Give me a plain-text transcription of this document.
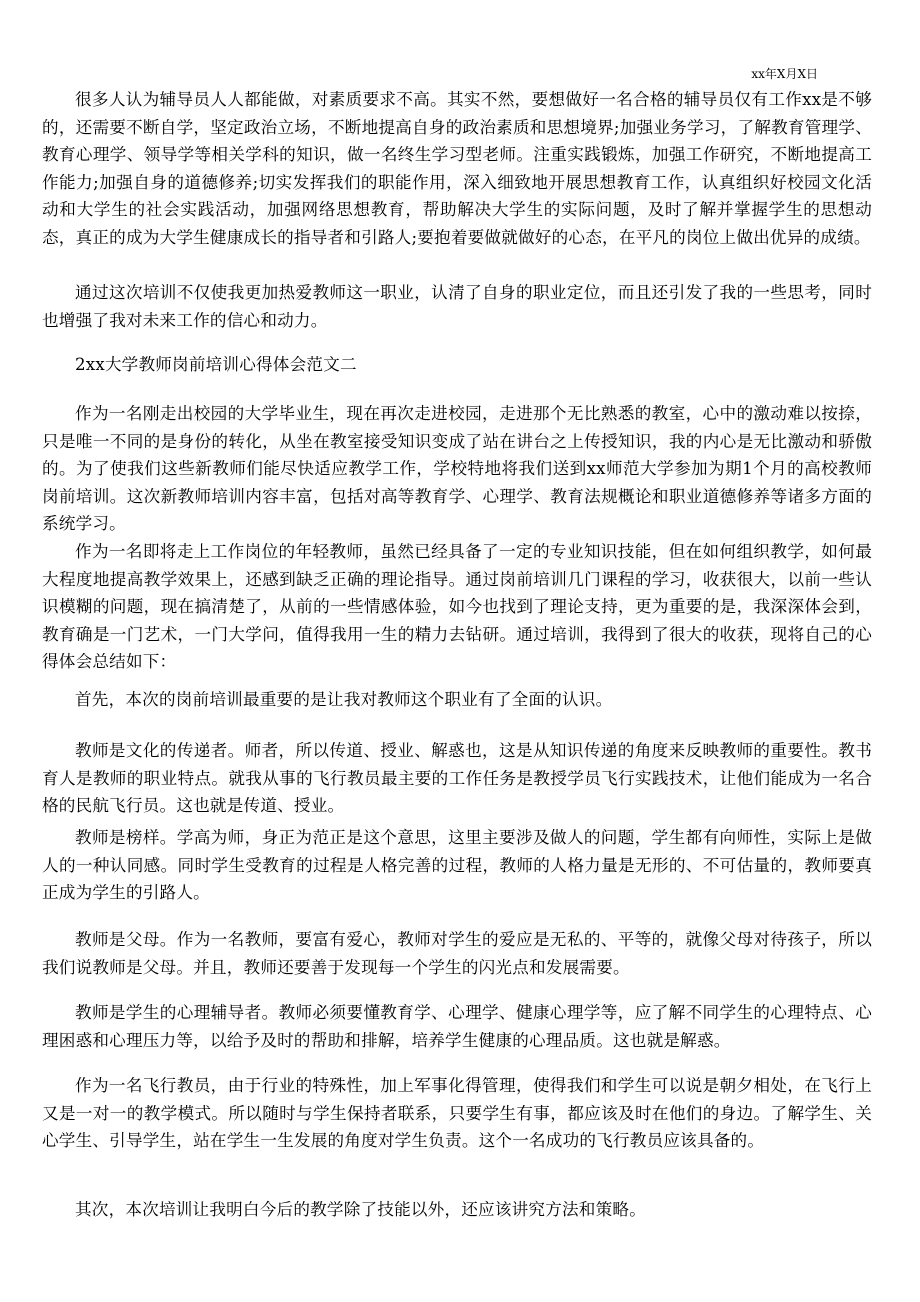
xx年X月X日

很多人认为辅导员人人都能做，对素质要求不高。其实不然，要想做好一名合格的辅导员仅有工作xx是不够的，还需要不断自学，坚定政治立场，不断地提高自身的政治素质和思想境界;加强业务学习，了解教育管理学、教育心理学、领导学等相关学科的知识，做一名终生学习型老师。注重实践锻炼，加强工作研究，不断地提高工作能力;加强自身的道德修养;切实发挥我们的职能作用，深入细致地开展思想教育工作，认真组织好校园文化活动和大学生的社会实践活动，加强网络思想教育，帮助解决大学生的实际问题，及时了解并掌握学生的思想动态，真正的成为大学生健康成长的指导者和引路人;要抱着要做就做好的心态，在平凡的岗位上做出优异的成绩。

通过这次培训不仅使我更加热爱教师这一职业，认清了自身的职业定位，而且还引发了我的一些思考，同时也增强了我对未来工作的信心和动力。

2xx大学教师岗前培训心得体会范文二

作为一名刚走出校园的大学毕业生，现在再次走进校园，走进那个无比熟悉的教室，心中的激动难以按捺，只是唯一不同的是身份的转化，从坐在教室接受知识变成了站在讲台之上传授知识，我的内心是无比激动和骄傲的。为了使我们这些新教师们能尽快适应教学工作，学校特地将我们送到xx师范大学参加为期1个月的高校教师岗前培训。这次新教师培训内容丰富，包括对高等教育学、心理学、教育法规概论和职业道德修养等诸多方面的系统学习。

作为一名即将走上工作岗位的年轻教师，虽然已经具备了一定的专业知识技能，但在如何组织教学，如何最大程度地提高教学效果上，还感到缺乏正确的理论指导。通过岗前培训几门课程的学习，收获很大，以前一些认识模糊的问题，现在搞清楚了，从前的一些情感体验，如今也找到了理论支持，更为重要的是，我深深体会到，教育确是一门艺术，一门大学问，值得我用一生的精力去钻研。通过培训，我得到了很大的收获，现将自己的心得体会总结如下：

首先，本次的岗前培训最重要的是让我对教师这个职业有了全面的认识。

教师是文化的传递者。师者，所以传道、授业、解惑也，这是从知识传递的角度来反映教师的重要性。教书育人是教师的职业特点。就我从事的飞行教员最主要的工作任务是教授学员飞行实践技术，让他们能成为一名合格的民航飞行员。这也就是传道、授业。

教师是榜样。学高为师，身正为范正是这个意思，这里主要涉及做人的问题，学生都有向师性，实际上是做人的一种认同感。同时学生受教育的过程是人格完善的过程，教师的人格力量是无形的、不可估量的，教师要真正成为学生的引路人。

教师是父母。作为一名教师，要富有爱心，教师对学生的爱应是无私的、平等的，就像父母对待孩子，所以我们说教师是父母。并且，教师还要善于发现每一个学生的闪光点和发展需要。

教师是学生的心理辅导者。教师必须要懂教育学、心理学、健康心理学等，应了解不同学生的心理特点、心理困惑和心理压力等，以给予及时的帮助和排解，培养学生健康的心理品质。这也就是解惑。

作为一名飞行教员，由于行业的特殊性，加上军事化得管理，使得我们和学生可以说是朝夕相处，在飞行上又是一对一的教学模式。所以随时与学生保持者联系，只要学生有事，都应该及时在他们的身边。了解学生、关心学生、引导学生，站在学生一生发展的角度对学生负责。这个一名成功的飞行教员应该具备的。

其次，本次培训让我明白今后的教学除了技能以外，还应该讲究方法和策略。
